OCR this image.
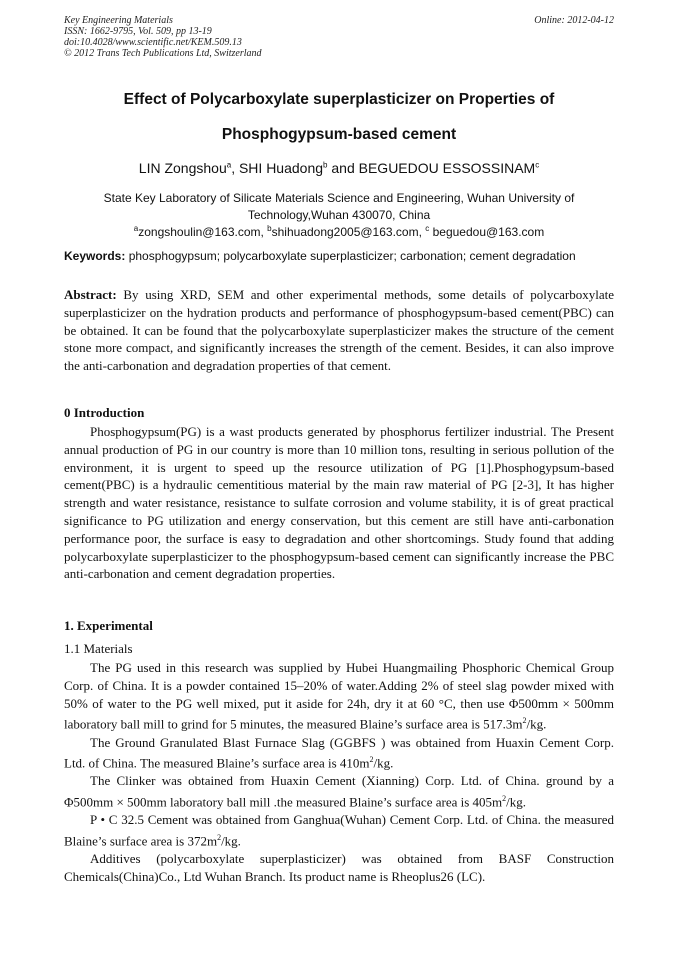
Key Engineering Materials
ISSN: 1662-9795, Vol. 509, pp 13-19
doi:10.4028/www.scientific.net/KEM.509.13
© 2012 Trans Tech Publications Ltd, Switzerland
Online: 2012-04-12
Effect of Polycarboxylate superplasticizer on Properties of
Phosphogypsum-based cement
LIN Zongshou$^a$, SHI Huadong$^b$ and BEGUEDOU ESSOSSINAM$^c$
State Key Laboratory of Silicate Materials Science and Engineering, Wuhan University of
Technology,Wuhan 430070, China
$^a$zongshoulin@163.com, $^b$shihuadong2005@163.com, $^c$ beguedou@163.com
Keywords: phosphogypsum; polycarboxylate superplasticizer; carbonation; cement degradation

Abstract: By using XRD, SEM and other experimental methods, some details of polycarboxylate superplasticizer on the hydration products and performance of phosphogypsum-based cement(PBC) can be obtained. It can be found that the polycarboxylate superplasticizer makes the structure of the cement stone more compact, and significantly increases the strength of the cement. Besides, it can also improve the anti-carbonation and degradation properties of that cement.

0 Introduction

Phosphogypsum(PG) is a wast products generated by phosphorus fertilizer industrial. The Present annual production of PG in our country is more than 10 million tons, resulting in serious pollution of the environment, it is urgent to speed up the resource utilization of PG [1].Phosphogypsum-based cement(PBC) is a hydraulic cementitious material by the main raw material of PG [2-3], It has higher strength and water resistance, resistance to sulfate corrosion and volume stability, it is of great practical significance to PG utilization and energy conservation, but this cement are still have anti-carbonation performance poor, the surface is easy to degradation and other shortcomings. Study found that adding polycarboxylate superplasticizer to the phosphogypsum-based cement can significantly increase the PBC anti-carbonation and cement degradation properties.

1. Experimental
1.1 Materials

The PG used in this research was supplied by Hubei Huangmailing Phosphoric Chemical Group Corp. of China. It is a powder contained 15–20% of water.Adding 2% of steel slag powder mixed with 50% of water to the PG well mixed, put it aside for 24h, dry it at 60 °C, then use Φ500mm × 500mm laboratory ball mill to grind for 5 minutes, the measured Blaine’s surface area is $517.3m^2/kg$.

The Ground Granulated Blast Furnace Slag (GGBFS ) was obtained from Huaxin Cement Corp. Ltd. of China. The measured Blaine’s surface area is $410m^2/kg$.

The Clinker was obtained from Huaxin Cement (Xianning) Corp. Ltd. of China. ground by a Φ500mm × 500mm laboratory ball mill .the measured Blaine’s surface area is $405m^2/kg$.

P • C 32.5 Cement was obtained from Ganghua(Wuhan) Cement Corp. Ltd. of China. the measured Blaine’s surface area is $372m^2/kg$.

Additives (polycarboxylate superplasticizer) was obtained from BASF Construction Chemicals(China)Co., Ltd Wuhan Branch. Its product name is Rheoplus26 (LC).
